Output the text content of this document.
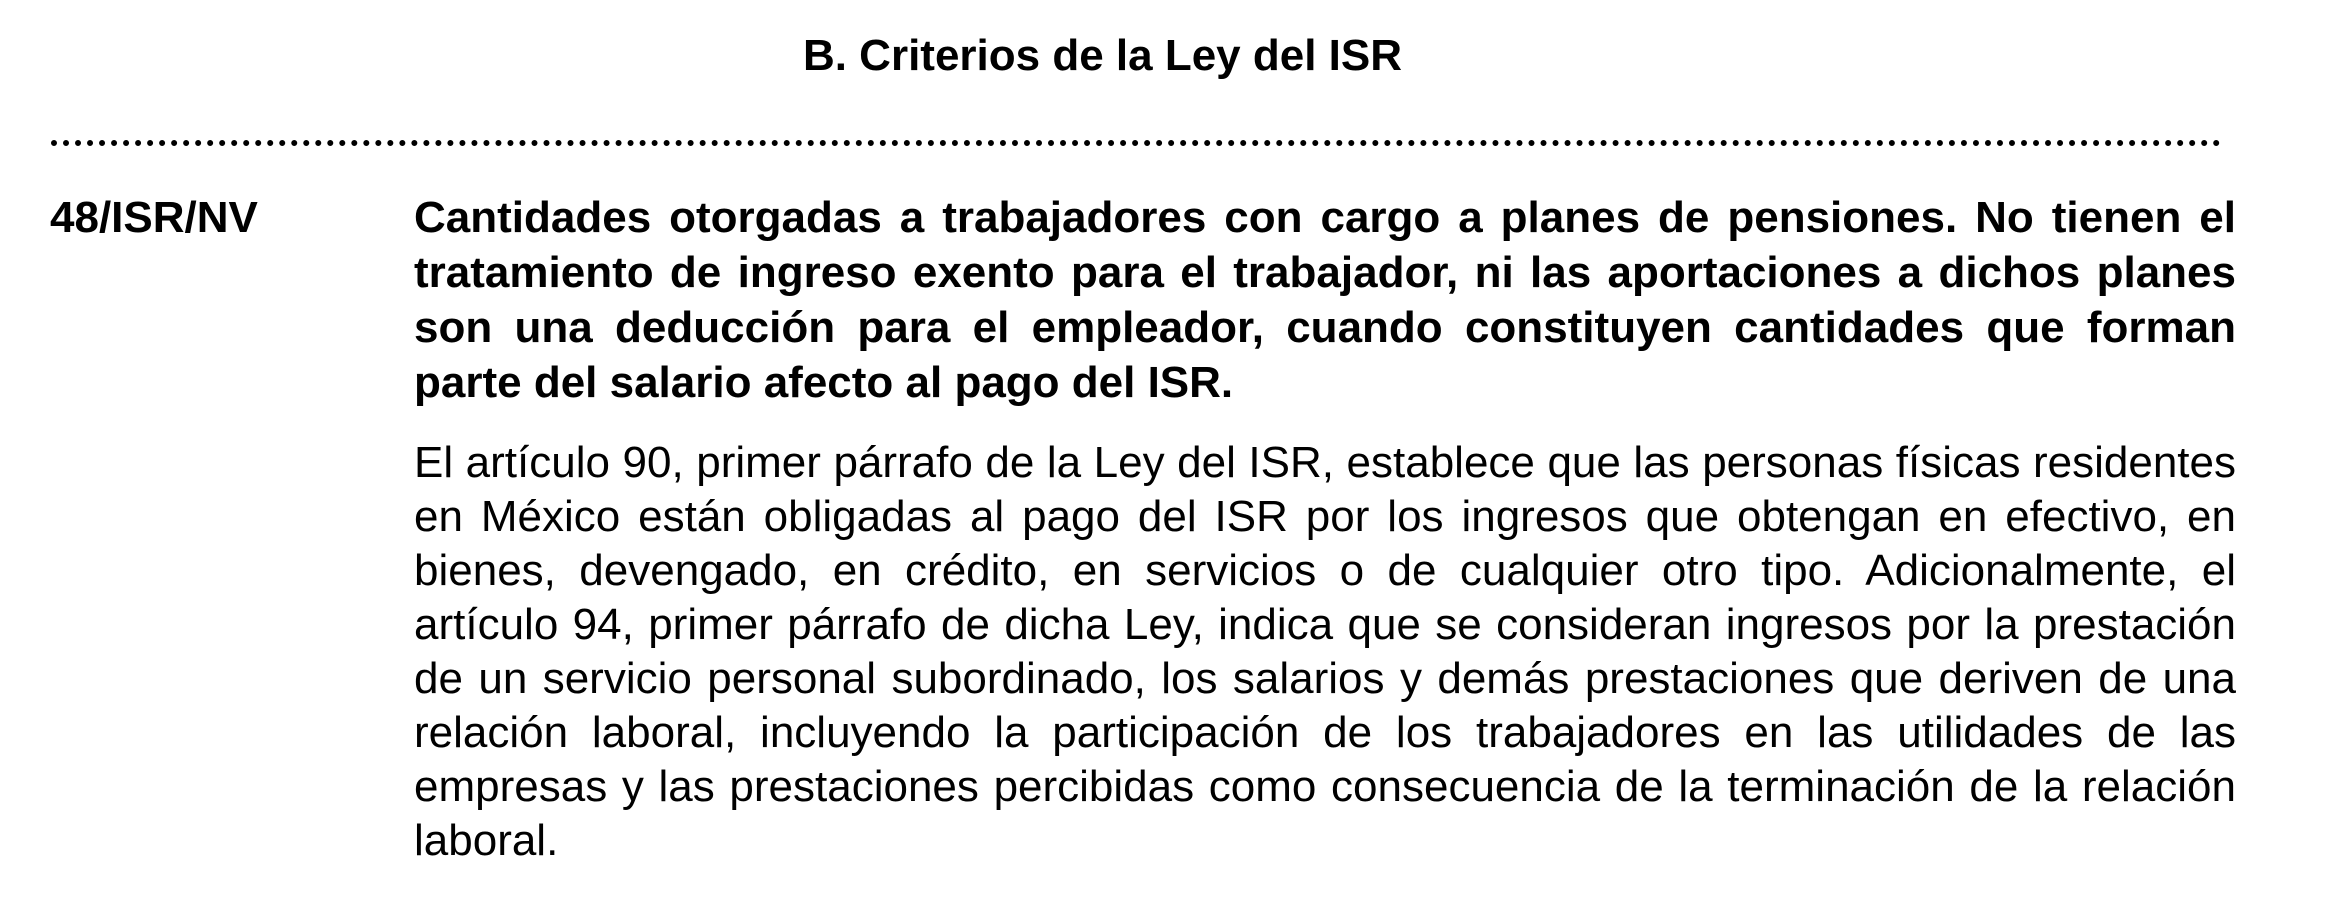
B. Criterios de la Ley del ISR
48/ISR/NV	Cantidades otorgadas a trabajadores con cargo a planes de pensiones. No tienen el tratamiento de ingreso exento para el trabajador, ni las aportaciones a dichos planes son una deducción para el empleador, cuando constituyen cantidades que forman parte del salario afecto al pago del ISR.

El artículo 90, primer párrafo de la Ley del ISR, establece que las personas físicas residentes en México están obligadas al pago del ISR por los ingresos que obtengan en efectivo, en bienes, devengado, en crédito, en servicios o de cualquier otro tipo. Adicionalmente, el artículo 94, primer párrafo de dicha Ley, indica que se consideran ingresos por la prestación de un servicio personal subordinado, los salarios y demás prestaciones que deriven de una relación laboral, incluyendo la participación de los trabajadores en las utilidades de las empresas y las prestaciones percibidas como consecuencia de la terminación de la relación laboral.
